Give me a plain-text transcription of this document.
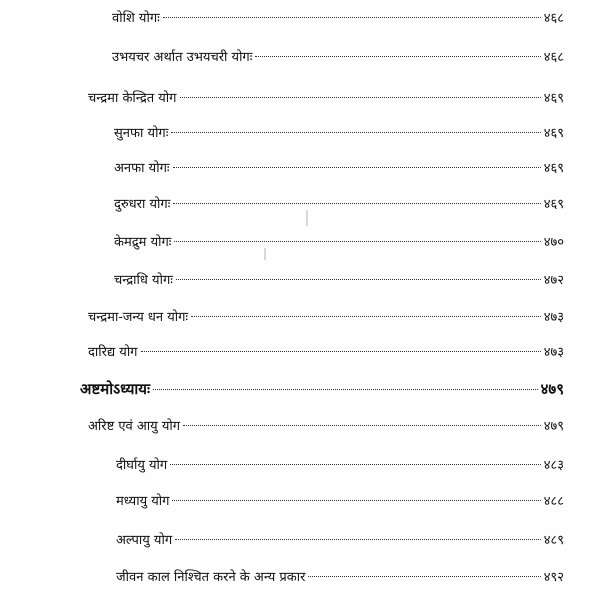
वोशि योगः	४६८
उभयचर अर्थात उभयचरी योगः	४६८
चन्द्रमा केन्द्रित योग	४६९
सुनफा योगः	४६९
अनफा योगः	४६९
दुरुधरा योगः	४६९
केमद्रुम योगः	४७०
चन्द्राधि योगः	४७२
चन्द्रमा-जन्य धन योगः	४७३
दारिद्य योग	४७३
अष्टमोऽध्यायः	४७९
अरिष्ट एवं आयु योग	४७९
दीर्घायु योग	४८३
मध्यायु योग	४८८
अल्पायु योग	४८९
जीवन काल निश्चित करने के अन्य प्रकार	४९२
